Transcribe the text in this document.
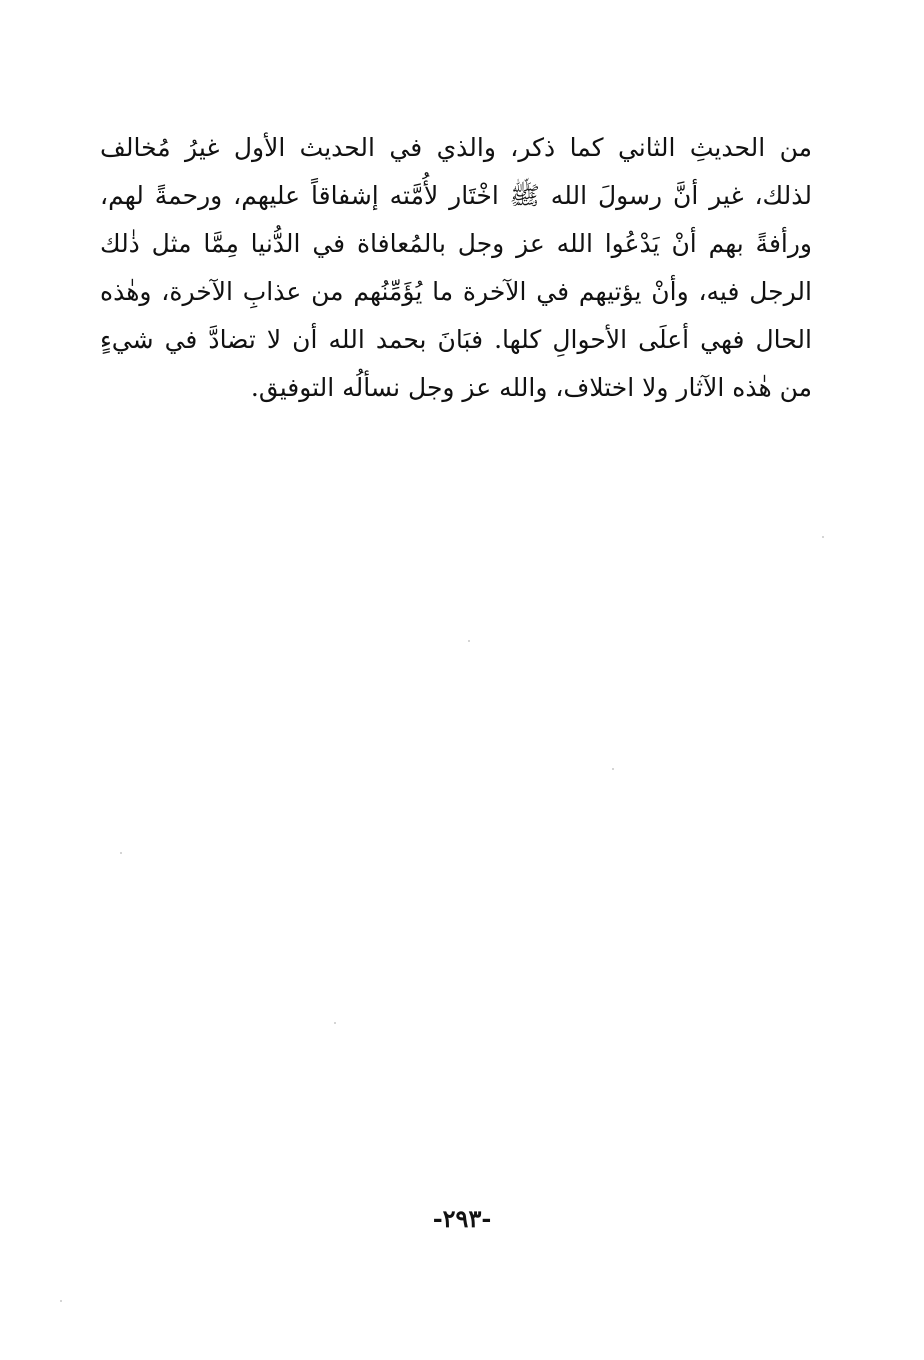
من الحديثِ الثاني كما ذكر، والذي في الحديث الأول غيرُ مُخالف
لذلك، غير أنَّ رسولَ الله ﷺ اخْتَار لأُمَّته إشفاقاً عليهم، ورحمةً لهم،
ورأفةً بهم أنْ يَدْعُوا الله عز وجل بالمُعافاة في الدُّنيا مِمَّا مثل ذٰلك
الرجل فيه، وأنْ يؤتيهم في الآخرة ما يُؤَمِّنُهم من عذابِ الآخرة، وهٰذه
الحال فهي أعلَى الأحوالِ كلها. فبَانَ بحمد الله أن لا تضادَّ في شيءٍ
من هٰذه الآثار ولا اختلاف، والله عز وجل نسألُه التوفيق.
-٢٩٣-
